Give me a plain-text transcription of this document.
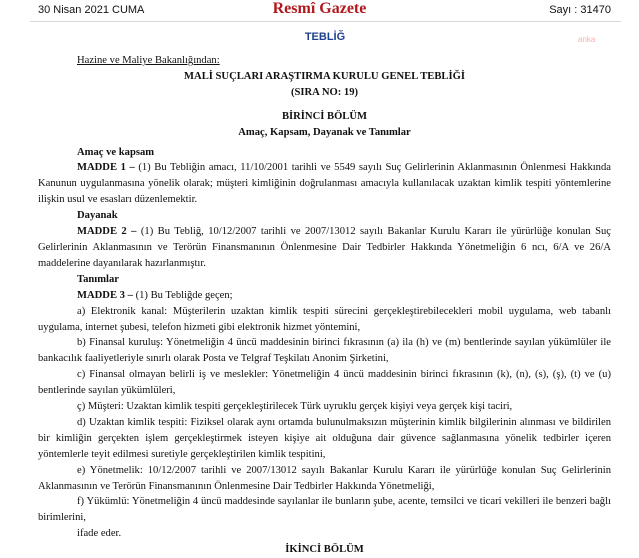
30 Nisan 2021 CUMA	Resmî Gazete	Sayı : 31470
TEBLİĞ	anka

Hazine ve Maliye Bakanlığından:

MALİ SUÇLARI ARAŞTIRMA KURULU GENEL TEBLİĞİ

(SIRA NO: 19)

BİRİNCİ BÖLÜM

Amaç, Kapsam, Dayanak ve Tanımlar

Amaç ve kapsam

MADDE 1 – (1) Bu Tebliğin amacı, 11/10/2001 tarihli ve 5549 sayılı Suç Gelirlerinin Aklanmasının Önlenmesi Hakkında Kanunun uygulanmasına yönelik olarak; müşteri kimliğinin doğrulanması amacıyla kullanılacak uzaktan kimlik tespiti yöntemlerine ilişkin usul ve esasları düzenlemektir.

Dayanak

MADDE 2 – (1) Bu Tebliğ, 10/12/2007 tarihli ve 2007/13012 sayılı Bakanlar Kurulu Kararı ile yürürlüğe konulan Suç Gelirlerinin Aklanmasının ve Terörün Finansmanının Önlenmesine Dair Tedbirler Hakkında Yönetmeliğin 6 ncı, 6/A ve 26/A maddelerine dayanılarak hazırlanmıştır.

Tanımlar

MADDE 3 – (1) Bu Tebliğde geçen;

a) Elektronik kanal: Müşterilerin uzaktan kimlik tespiti sürecini gerçekleştirebilecekleri mobil uygulama, web tabanlı uygulama, internet şubesi, telefon hizmeti gibi elektronik hizmet yöntemini,

b) Finansal kuruluş: Yönetmeliğin 4 üncü maddesinin birinci fıkrasının (a) ila (h) ve (m) bentlerinde sayılan yükümlüler ile bankacılık faaliyetleriyle sınırlı olarak Posta ve Telgraf Teşkilatı Anonim Şirketini,

c) Finansal olmayan belirli iş ve meslekler: Yönetmeliğin 4 üncü maddesinin birinci fıkrasının (k), (n), (s), (ş), (t) ve (u) bentlerinde sayılan yükümlüleri,

ç) Müşteri: Uzaktan kimlik tespiti gerçekleştirilecek Türk uyruklu gerçek kişiyi veya gerçek kişi taciri,

d) Uzaktan kimlik tespiti: Fiziksel olarak aynı ortamda bulunulmaksızın müşterinin kimlik bilgilerinin alınması ve bildirilen bir kimliğin gerçekten işlem gerçekleştirmek isteyen kişiye ait olduğuna dair güvence sağlanmasına yönelik tedbirler içeren yöntemlerle teyit edilmesi suretiyle gerçekleştirilen kimlik tespitini,

e) Yönetmelik: 10/12/2007 tarihli ve 2007/13012 sayılı Bakanlar Kurulu Kararı ile yürürlüğe konulan Suç Gelirlerinin Aklanmasının ve Terörün Finansmanının Önlenmesine Dair Tedbirler Hakkında Yönetmeliği,

f) Yükümlü: Yönetmeliğin 4 üncü maddesinde sayılanlar ile bunların şube, acente, temsilci ve ticari vekilleri ile benzeri bağlı birimlerini,

ifade eder.

İKİNCİ BÖLÜM
